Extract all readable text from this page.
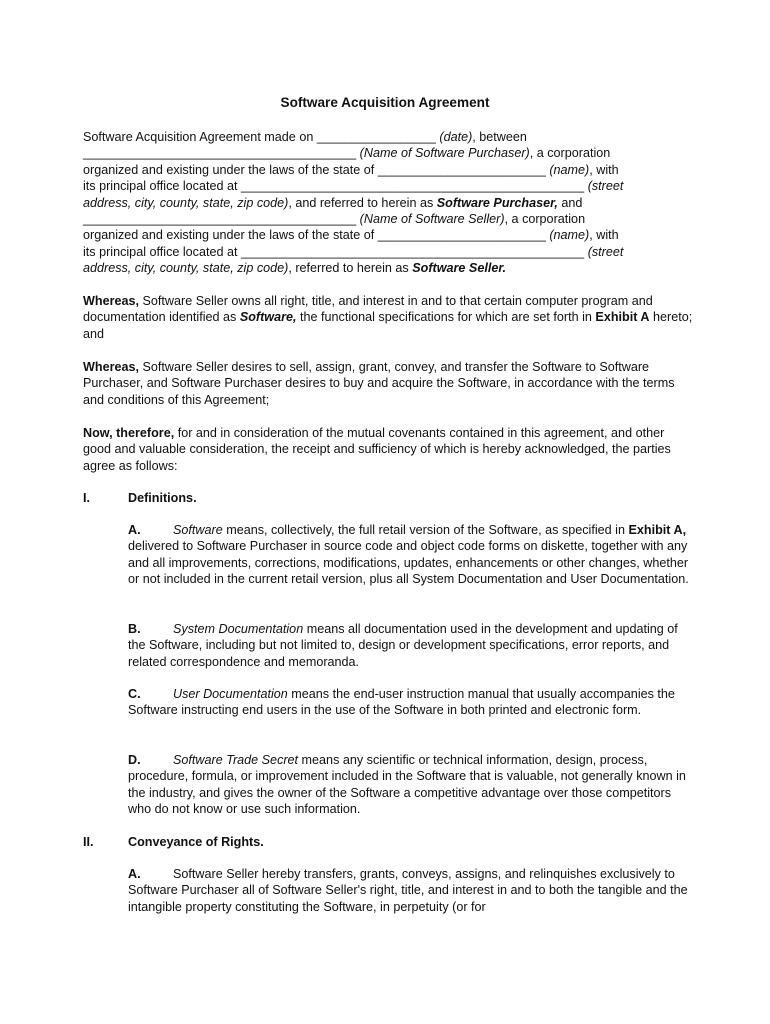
Software Acquisition Agreement

Software Acquisition Agreement made on _________________ (date), between
_______________________________________ (Name of Software Purchaser), a corporation
organized and existing under the laws of the state of ________________________ (name), with
its principal office located at _________________________________________________ (street
address, city, county, state, zip code), and referred to herein as Software Purchaser, and
_______________________________________ (Name of Software Seller), a corporation
organized and existing under the laws of the state of ________________________ (name), with
its principal office located at _________________________________________________ (street
address, city, county, state, zip code), referred to herein as Software Seller.

Whereas, Software Seller owns all right, title, and interest in and to that certain computer program and documentation identified as Software, the functional specifications for which are set forth in Exhibit A hereto; and

Whereas, Software Seller desires to sell, assign, grant, convey, and transfer the Software to Software Purchaser, and Software Purchaser desires to buy and acquire the Software, in accordance with the terms and conditions of this Agreement;

Now, therefore, for and in consideration of the mutual covenants contained in this agreement, and other good and valuable consideration, the receipt and sufficiency of which is hereby acknowledged, the parties agree as follows:

I.	Definitions.

A.	Software means, collectively, the full retail version of the Software, as specified in Exhibit A, delivered to Software Purchaser in source code and object code forms on diskette, together with any and all improvements, corrections, modifications, updates, enhancements or other changes, whether or not included in the current retail version, plus all System Documentation and User Documentation.

B.	System Documentation means all documentation used in the development and updating of the Software, including but not limited to, design or development specifications, error reports, and related correspondence and memoranda.

C.	User Documentation means the end-user instruction manual that usually accompanies the Software instructing end users in the use of the Software in both printed and electronic form.

D.	Software Trade Secret means any scientific or technical information, design, process, procedure, formula, or improvement included in the Software that is valuable, not generally known in the industry, and gives the owner of the Software a competitive advantage over those competitors who do not know or use such information.

II.	Conveyance of Rights.

A.	Software Seller hereby transfers, grants, conveys, assigns, and relinquishes exclusively to Software Purchaser all of Software Seller's right, title, and interest in and to both the tangible and the intangible property constituting the Software, in perpetuity (or for
